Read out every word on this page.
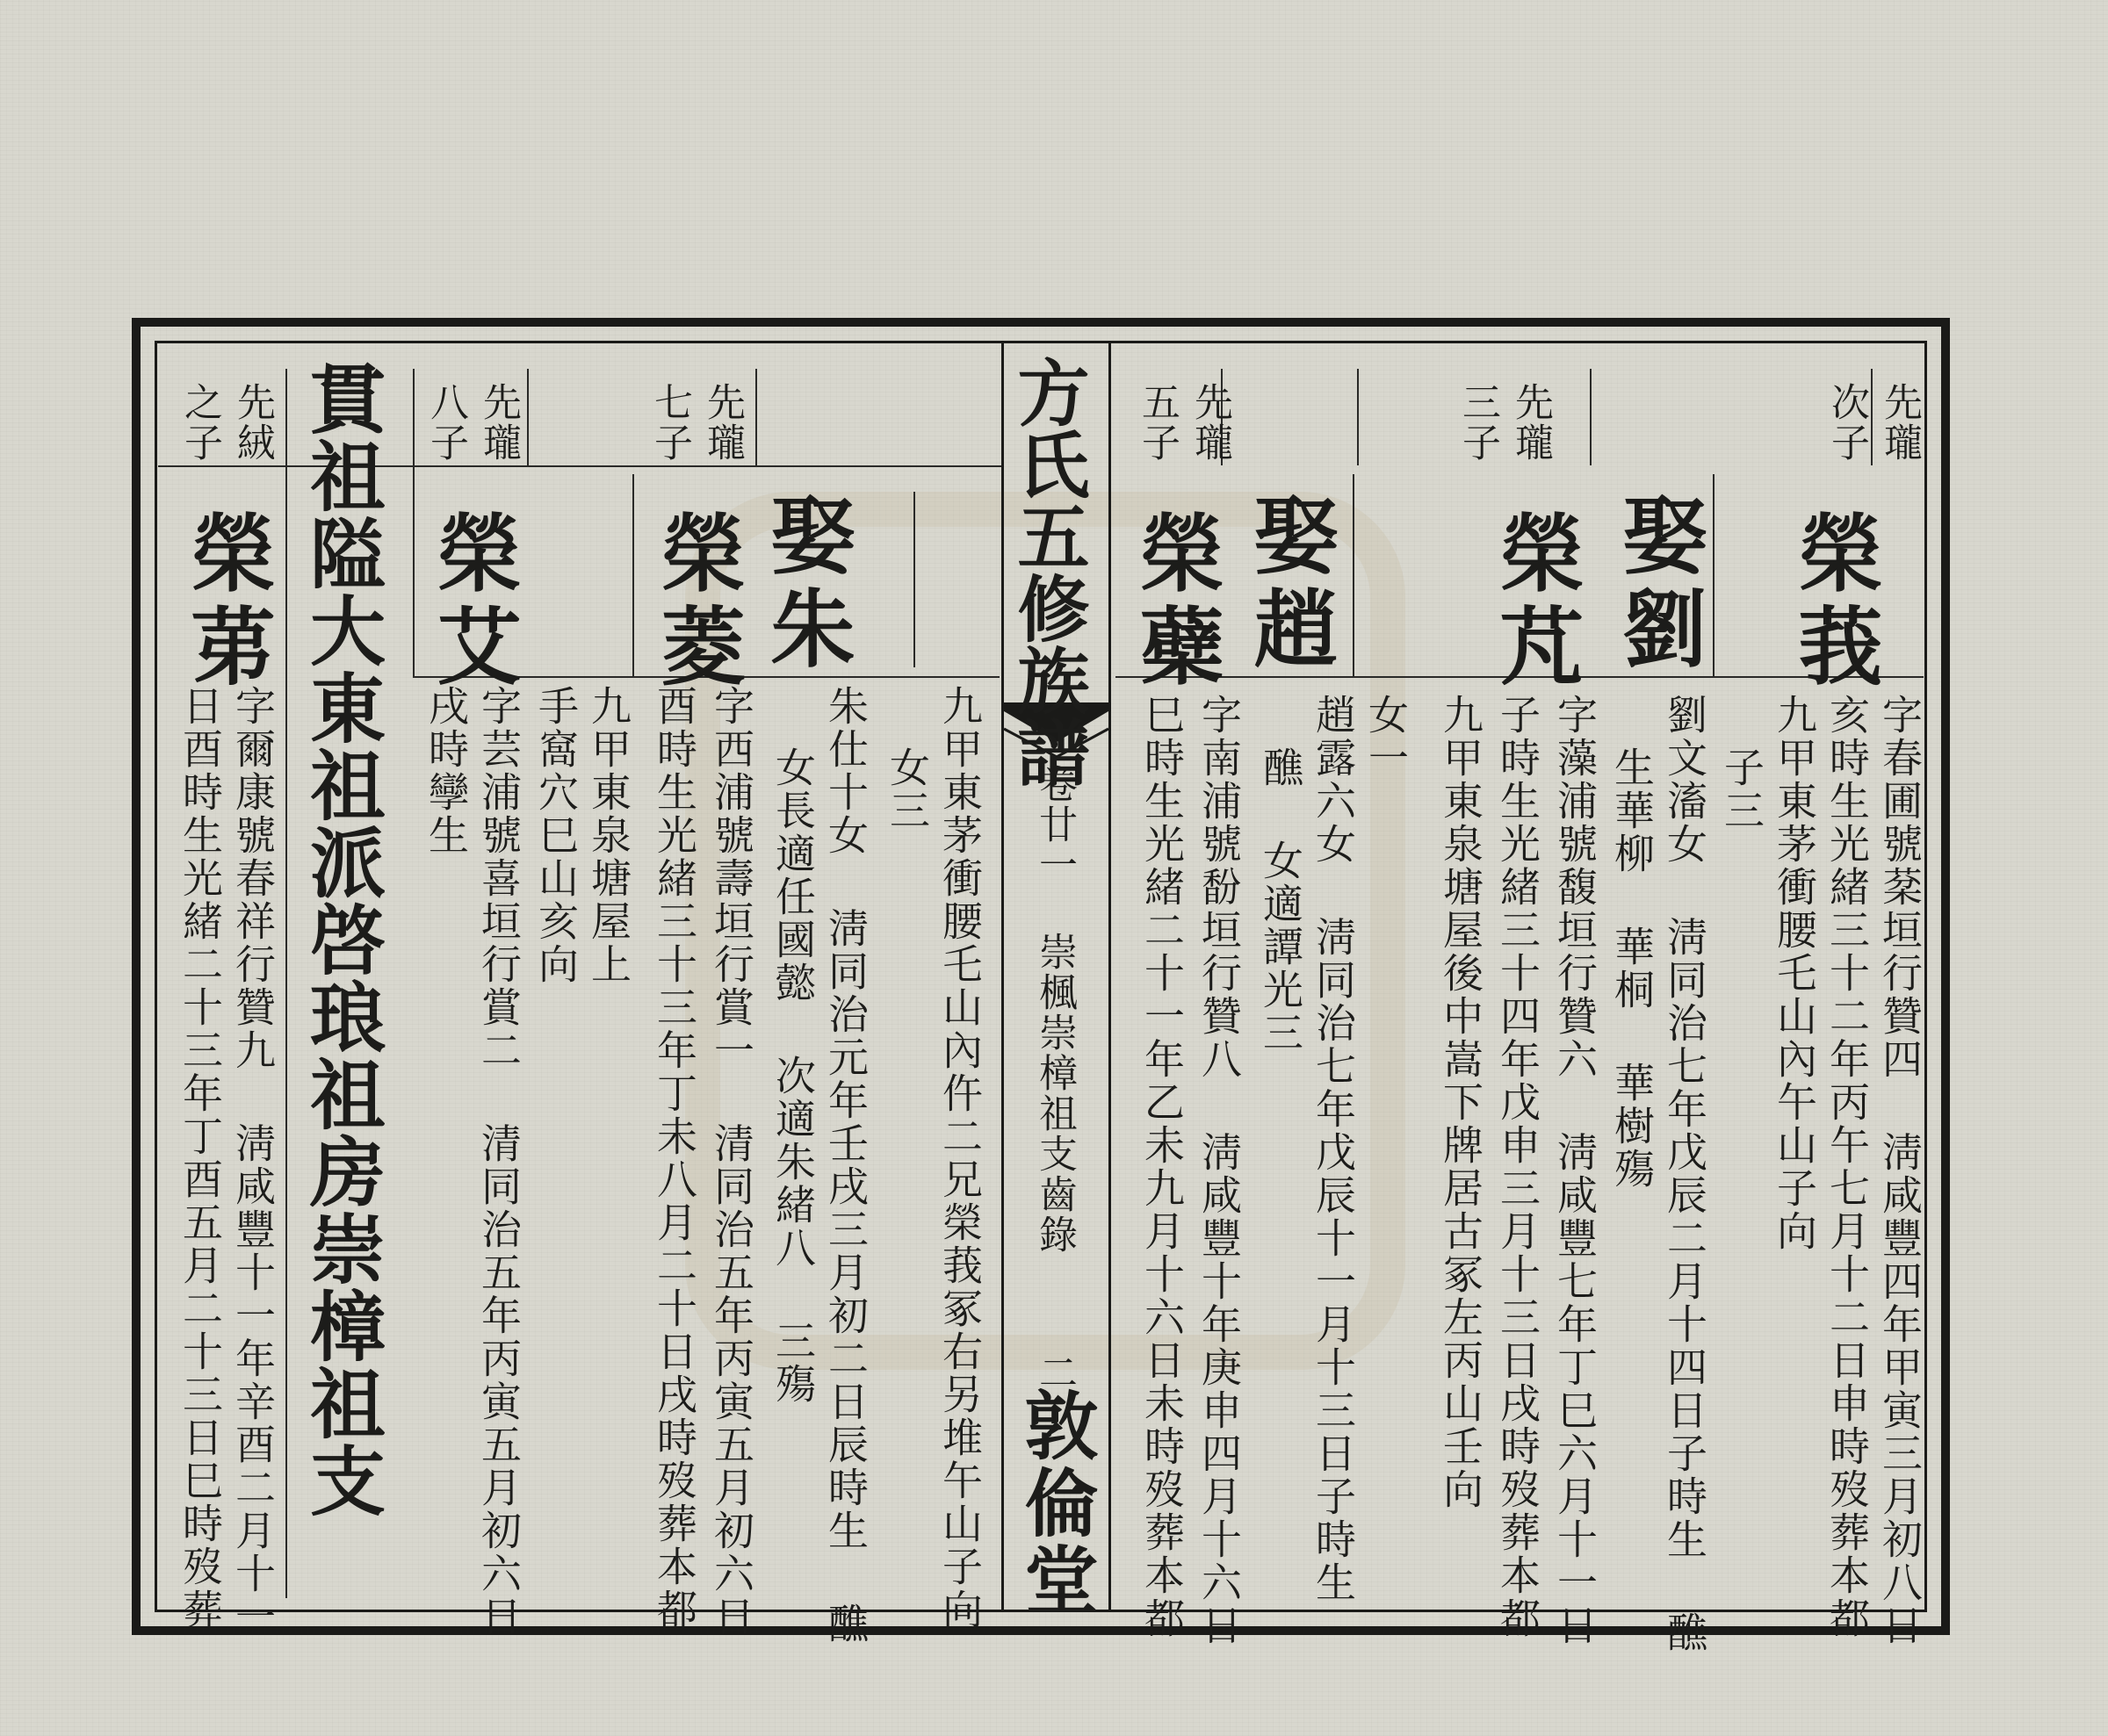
方氏五修族譜
卷廿一 崇楓崇樟祖支齒錄
二
敦倫堂
先瓏
次子
榮莪
字春圃號棻垣行贊四 淸咸豐四年甲寅三月初八日
亥時生光緒三十二年丙午七月十二日申時歿葬本都
九甲東茅衝腰乇山內午山子向
子三
先瓏
三子
娶劉
榮芃
劉文滀女 淸同治七年戊辰二月十四日子時生 醮
生華柳 華桐 華樹殤
字藻浦號馥垣行贊六 淸咸豐七年丁巳六月十一日
子時生光緒三十四年戊申三月十三日戌時歿葬本都
九甲東泉塘屋後中嵩下牌居古冢左丙山壬向
先瓏
五子
娶趙
榮蘗
女一
趙露六女 淸同治七年戊辰十一月十三日子時生
醮 女適譚光三
字南浦號馚垣行贊八 淸咸豐十年庚申四月十六日
巳時生光緒二十一年乙未九月十六日未時歿葬本都
九甲東茅衝腰乇山內仵二兄榮莪冢右另堆午山子向
女三
朱仕十女 淸同治元年壬戌三月初二日辰時生 醮
女長適任國懿 次適朱緒八 三殤
先瓏
七子
娶朱
榮菱
字西浦號壽垣行賞一 清同治五年丙寅五月初六日
酉時生光緒三十三年丁未八月二十日戌時歿葬本都
先瓏
八子
榮艾
九甲東泉塘屋上
手窩穴巳山亥向
字芸浦號喜垣行賞二 清同治五年丙寅五月初六日
戌時孿生
貫祖隘大東祖派啓琅祖房崇樟祖支
先絨
之子
榮苐
字爾康號春祥行贊九 淸咸豐十一年辛酉二月十一
日酉時生光緒二十三年丁酉五月二十三日巳時歿葬
